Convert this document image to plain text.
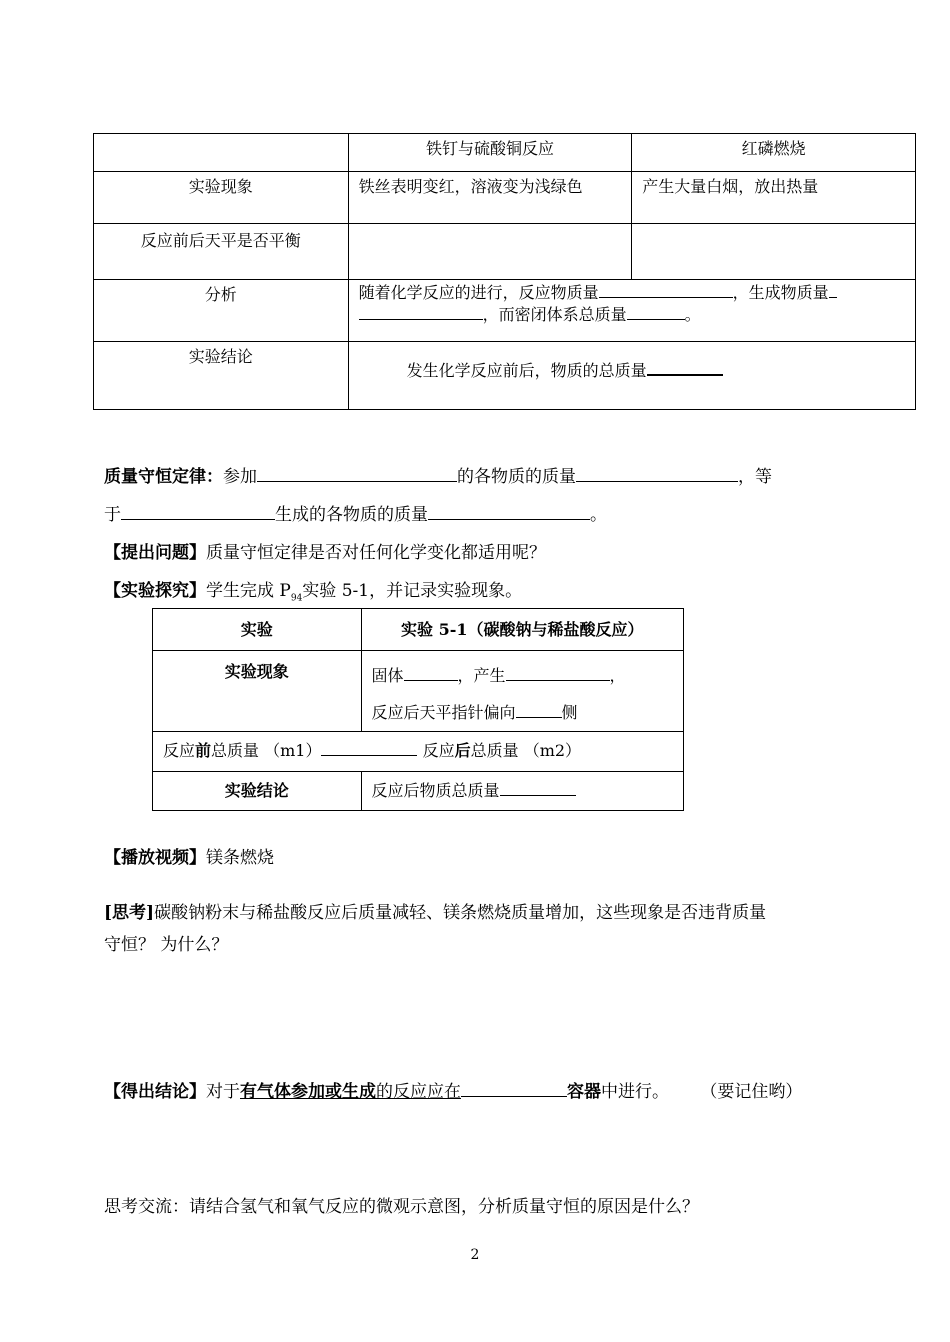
	铁钉与硫酸铜反应	红磷燃烧
实验现象	铁丝表明变红，溶液变为浅绿色	产生大量白烟，放出热量
反应前后天平是否平衡		
分析	随着化学反应的进行，反应物质量 ，生成物质量
，而密闭体系总质量 。	
实验结论	发生化学反应前后，物质的总质量	
质量守恒定律：参加	的各物质的质量	，等
于	生成的各物质的质量	。
【提出问题】质量守恒定律是否对任何化学变化都适用呢？
【实验探究】学生完成 $P_{94}$实验 5-1，并记录实验现象。
实验	实验 5-1（碳酸钠与稀盐酸反应）
实验现象	固体 ，产生 ，
反应后天平指针偏向 侧
反应前总质量 （m1） 反应后总质量 （m2）	
实验结论	反应后物质总质量
【播放视频】镁条燃烧
[思考]碳酸钠粉末与稀盐酸反应后质量减轻、镁条燃烧质量增加，这些现象是否违背质量
守恒？ 为什么？
【得出结论】对于有气体参加或生成的反应应在	容器中进行。 （要记住哟）
思考交流：请结合氢气和氧气反应的微观示意图，分析质量守恒的原因是什么？
2
